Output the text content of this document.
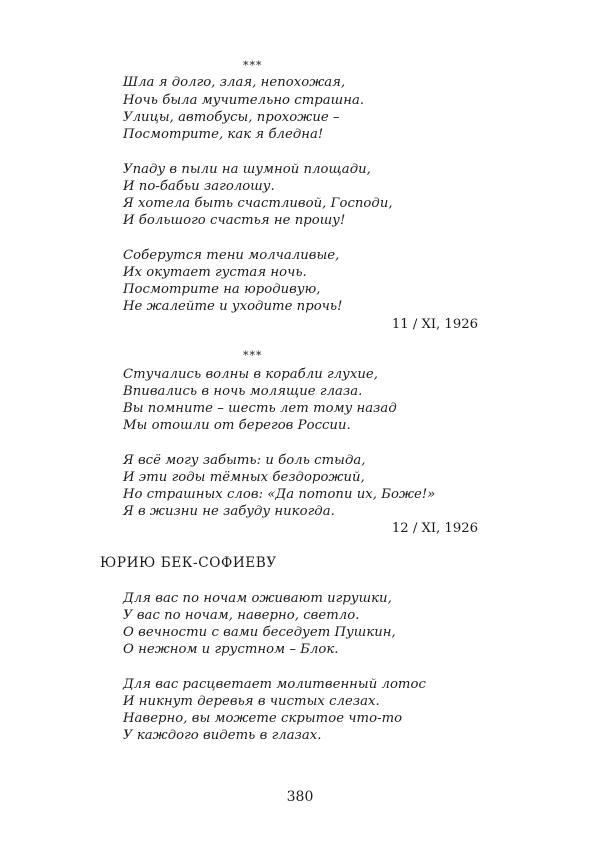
***
Шла я долго, злая, непохожая,
Ночь была мучительно страшна.
Улицы, автобусы, прохожие –
Посмотрите, как я бледна!
Упаду в пыли на шумной площади,
И по-бабьи заголошу.
Я хотела быть счастливой, Господи,
И большого счастья не прошу!
Соберутся тени молчаливые,
Их окутает густая ночь.
Посмотрите на юродивую,
Не жалейте и уходите прочь!
11 / XI, 1926
***
Стучались волны в корабли глухие,
Впивались в ночь молящие глаза.
Вы помните – шесть лет тому назад
Мы отошли от берегов России.
Я всё могу забыть: и боль стыда,
И эти годы тёмных бездорожий,
Но страшных слов: «Да потопи их, Боже!»
Я в жизни не забуду никогда.
12 / XI, 1926
ЮРИЮ БЕК-СОФИЕВУ
Для вас по ночам оживают игрушки,
У вас по ночам, наверно, светло.
О вечности с вами беседует Пушкин,
О нежном и грустном – Блок.
Для вас расцветает молитвенный лотос
И никнут деревья в чистых слезах.
Наверно, вы можете скрытое что-то
У каждого видеть в глазах.
380
